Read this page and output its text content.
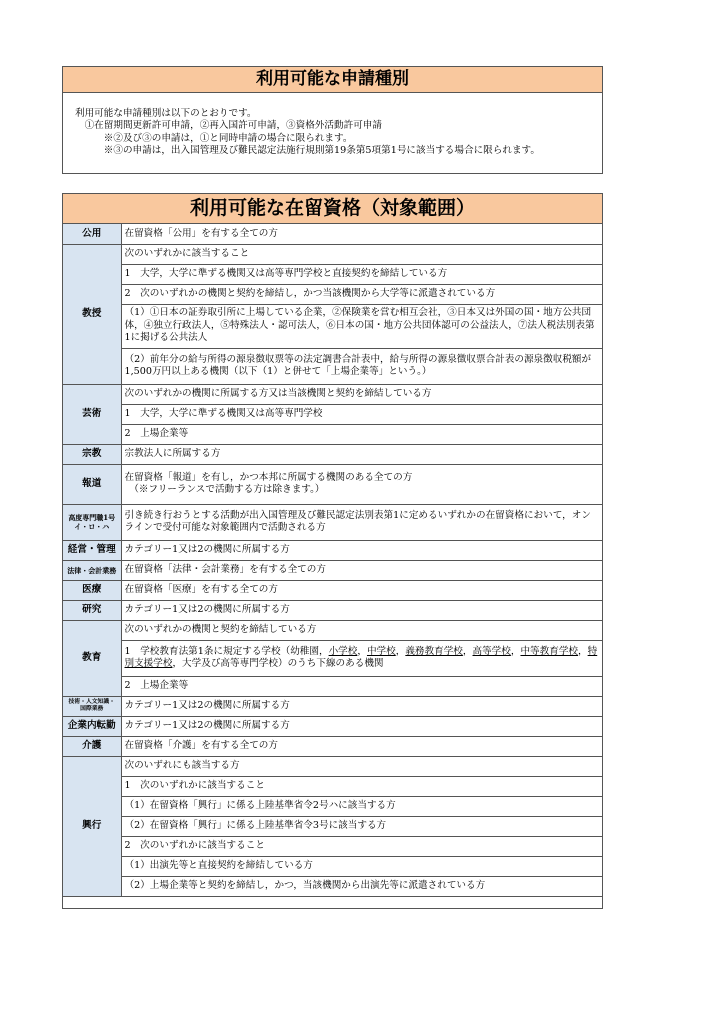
利用可能な申請種別
利用可能な申請種別は以下のとおりです。
　①在留期間更新許可申請，②再入国許可申請，③資格外活動許可申請
　　　※②及び③の申請は，①と同時申請の場合に限られます。
　　　※③の申請は，出入国管理及び難民認定法施行規則第19条第5項第1号に該当する場合に限られます。
利用可能な在留資格（対象範囲）
公用	在留資格「公用」を有する全ての方
教授	次のいずれかに該当すること
	1　大学，大学に準ずる機関又は高等専門学校と直接契約を締結している方
	2　次のいずれかの機関と契約を締結し，かつ当該機関から大学等に派遣されている方
	（1）①日本の証券取引所に上場している企業，②保険業を営む相互会社，③日本又は外国の国・地方公共団体，④独立行政法人，⑤特殊法人・認可法人，⑥日本の国・地方公共団体認可の公益法人，⑦法人税法別表第1に掲げる公共法人
	（2）前年分の給与所得の源泉徴収票等の法定調書合計表中，給与所得の源泉徴収票合計表の源泉徴収税額が1,500万円以上ある機関（以下（1）と併せて「上場企業等」という。）
芸術	次のいずれかの機関に所属する方又は当該機関と契約を締結している方
	1　大学，大学に準ずる機関又は高等専門学校
	2　上場企業等
宗教	宗教法人に所属する方
報道	在留資格「報道」を有し，かつ本邦に所属する機関のある全ての方
　（※フリーランスで活動する方は除きます。）
高度専門職1号
イ・ロ・ハ	引き続き行おうとする活動が出入国管理及び難民認定法別表第1に定めるいずれかの在留資格において，オンラインで受付可能な対象範囲内で活動される方
経営・管理	カテゴリー1又は2の機関に所属する方
法律・会計業務	在留資格「法律・会計業務」を有する全ての方
医療	在留資格「医療」を有する全ての方
研究	カテゴリー1又は2の機関に所属する方
教育	次のいずれかの機関と契約を締結している方
	1　学校教育法第1条に規定する学校（幼稚園，小学校，中学校，義務教育学校，高等学校，中等教育学校，特別支援学校，大学及び高等専門学校）のうち下線のある機関
	2　上場企業等
技術・人文知識・
国際業務	カテゴリー1又は2の機関に所属する方
企業内転勤	カテゴリー1又は2の機関に所属する方
介護	在留資格「介護」を有する全ての方
興行	次のいずれにも該当する方
	1　次のいずれかに該当すること
	（1）在留資格「興行」に係る上陸基準省令2号ハに該当する方
	（2）在留資格「興行」に係る上陸基準省令3号に該当する方
	2　次のいずれかに該当すること
	（1）出演先等と直接契約を締結している方
	（2）上場企業等と契約を締結し，かつ，当該機関から出演先等に派遣されている方
